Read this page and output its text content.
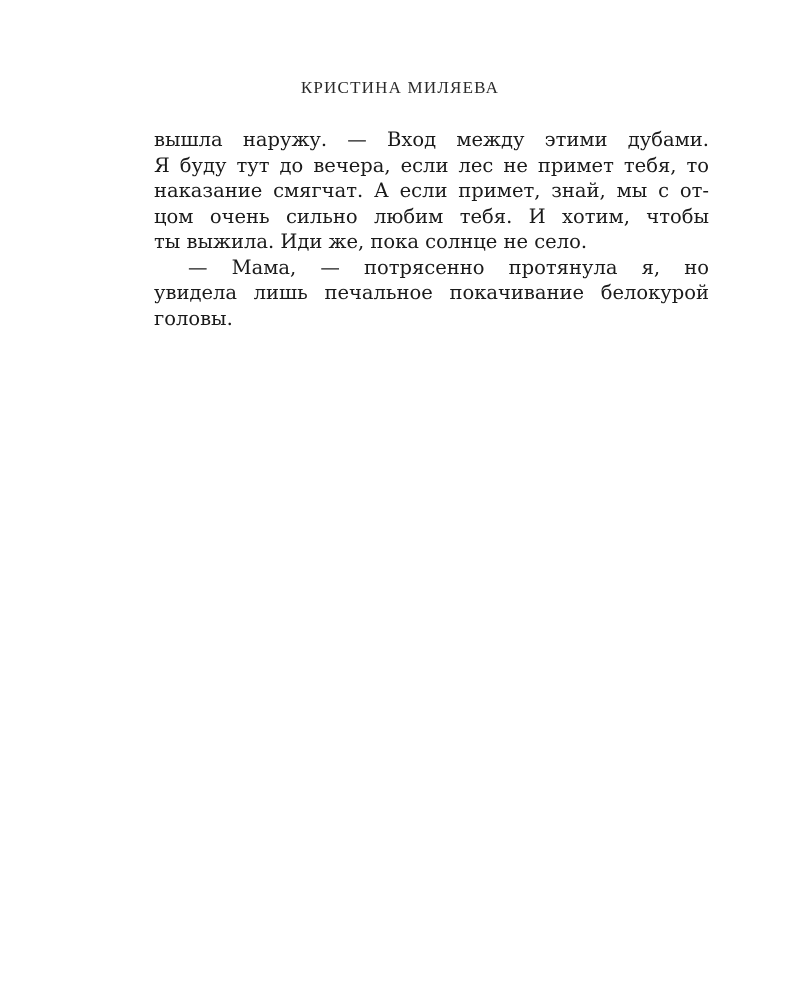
КРИСТИНА МИЛЯЕВА
вышла наружу. — Вход между этими дубами.
Я буду тут до вечера, если лес не примет тебя, то
наказание смягчат. А если примет, знай, мы с от-
цом очень сильно любим тебя. И хотим, чтобы
ты выжила. Иди же, пока солнце не село.
— Мама, — потрясенно протянула я, но
увидела лишь печальное покачивание белокурой
головы.
